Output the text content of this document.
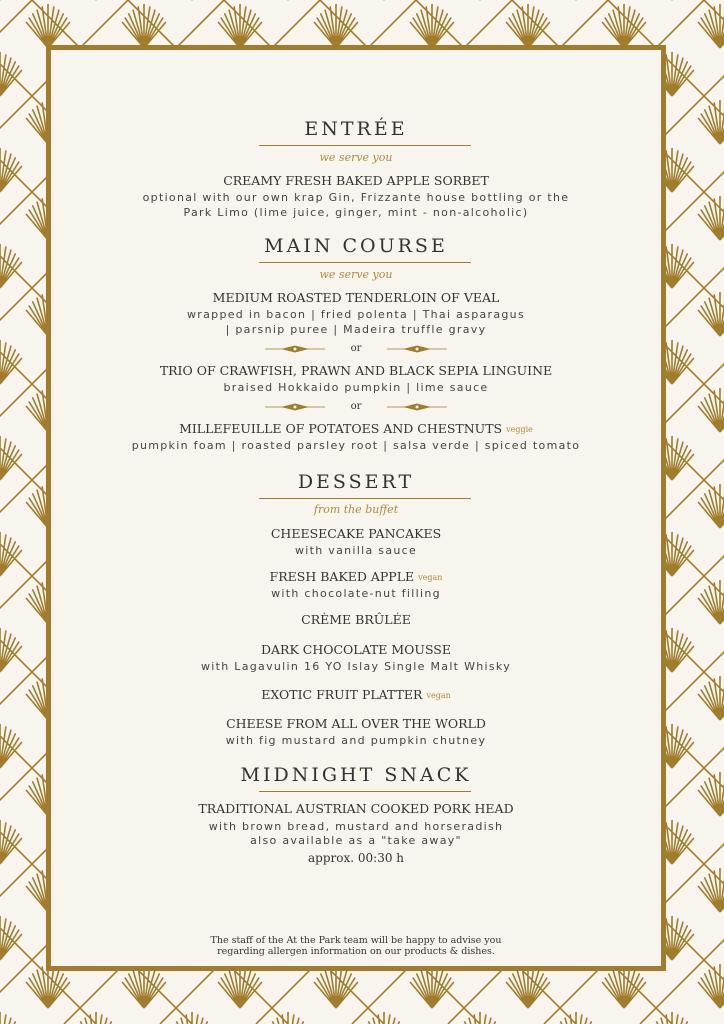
ENTRÉE
we serve you
CREAMY FRESH BAKED APPLE SORBET
optional with our own krap Gin, Frizzante house bottling or the
Park Limo (lime juice, ginger, mint - non-alcoholic)
MAIN COURSE
we serve you
MEDIUM ROASTED TENDERLOIN OF VEAL
wrapped in bacon | fried polenta | Thai asparagus
| parsnip puree | Madeira truffle gravy
or
TRIO OF CRAWFISH, PRAWN AND BLACK SEPIA LINGUINE
braised Hokkaido pumpkin | lime sauce
or
MILLEFEUILLE OF POTATOES AND CHESTNUTS veggie
pumpkin foam | roasted parsley root | salsa verde | spiced tomato
DESSERT
from the buffet
CHEESECAKE PANCAKES
with vanilla sauce
FRESH BAKED APPLE vegan
with chocolate-nut filling
CRÈME BRÛLÉE
DARK CHOCOLATE MOUSSE
with Lagavulin 16 YO Islay Single Malt Whisky
EXOTIC FRUIT PLATTER vegan
CHEESE FROM ALL OVER THE WORLD
with fig mustard and pumpkin chutney
MIDNIGHT SNACK
TRADITIONAL AUSTRIAN COOKED PORK HEAD
with brown bread, mustard and horseradish
also available as a "take away"
approx. 00:30 h
The staff of the At the Park team will be happy to advise you
regarding allergen information on our products & dishes.
